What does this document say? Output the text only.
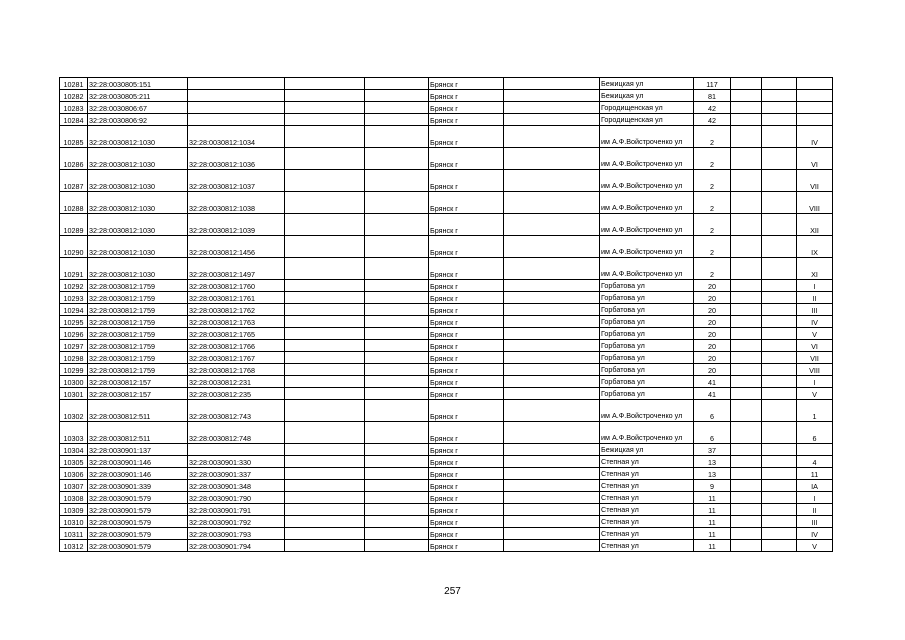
10281	32:28:0030805:151				Брянск г		Бежицкая ул	117			
10282	32:28:0030805:211				Брянск г		Бежицкая ул	81			
10283	32:28:0030806:67				Брянск г		Городищенская ул	42			
10284	32:28:0030806:92				Брянск г		Городищенская ул	42			
10285	32:28:0030812:1030	32:28:0030812:1034			Брянск г		им А.Ф.Войстроченко ул	2			IV
10286	32:28:0030812:1030	32:28:0030812:1036			Брянск г		им А.Ф.Войстроченко ул	2			VI
10287	32:28:0030812:1030	32:28:0030812:1037			Брянск г		им А.Ф.Войстроченко ул	2			VII
10288	32:28:0030812:1030	32:28:0030812:1038			Брянск г		им А.Ф.Войстроченко ул	2			VIII
10289	32:28:0030812:1030	32:28:0030812:1039			Брянск г		им А.Ф.Войстроченко ул	2			XII
10290	32:28:0030812:1030	32:28:0030812:1456			Брянск г		им А.Ф.Войстроченко ул	2			IX
10291	32:28:0030812:1030	32:28:0030812:1497			Брянск г		им А.Ф.Войстроченко ул	2			XI
10292	32:28:0030812:1759	32:28:0030812:1760			Брянск г		Горбатова ул	20			I
10293	32:28:0030812:1759	32:28:0030812:1761			Брянск г		Горбатова ул	20			II
10294	32:28:0030812:1759	32:28:0030812:1762			Брянск г		Горбатова ул	20			III
10295	32:28:0030812:1759	32:28:0030812:1763			Брянск г		Горбатова ул	20			IV
10296	32:28:0030812:1759	32:28:0030812:1765			Брянск г		Горбатова ул	20			V
10297	32:28:0030812:1759	32:28:0030812:1766			Брянск г		Горбатова ул	20			VI
10298	32:28:0030812:1759	32:28:0030812:1767			Брянск г		Горбатова ул	20			VII
10299	32:28:0030812:1759	32:28:0030812:1768			Брянск г		Горбатова ул	20			VIII
10300	32:28:0030812:157	32:28:0030812:231			Брянск г		Горбатова ул	41			I
10301	32:28:0030812:157	32:28:0030812:235			Брянск г		Горбатова ул	41			V
10302	32:28:0030812:511	32:28:0030812:743			Брянск г		им А.Ф.Войстроченко ул	6			1
10303	32:28:0030812:511	32:28:0030812:748			Брянск г		им А.Ф.Войстроченко ул	6			6
10304	32:28:0030901:137				Брянск г		Бежицкая ул	37			
10305	32:28:0030901:146	32:28:0030901:330			Брянск г		Степная ул	13			4
10306	32:28:0030901:146	32:28:0030901:337			Брянск г		Степная ул	13			11
10307	32:28:0030901:339	32:28:0030901:348			Брянск г		Степная ул	9			IA
10308	32:28:0030901:579	32:28:0030901:790			Брянск г		Степная ул	11			I
10309	32:28:0030901:579	32:28:0030901:791			Брянск г		Степная ул	11			II
10310	32:28:0030901:579	32:28:0030901:792			Брянск г		Степная ул	11			III
10311	32:28:0030901:579	32:28:0030901:793			Брянск г		Степная ул	11			IV
10312	32:28:0030901:579	32:28:0030901:794			Брянск г		Степная ул	11			V
257
